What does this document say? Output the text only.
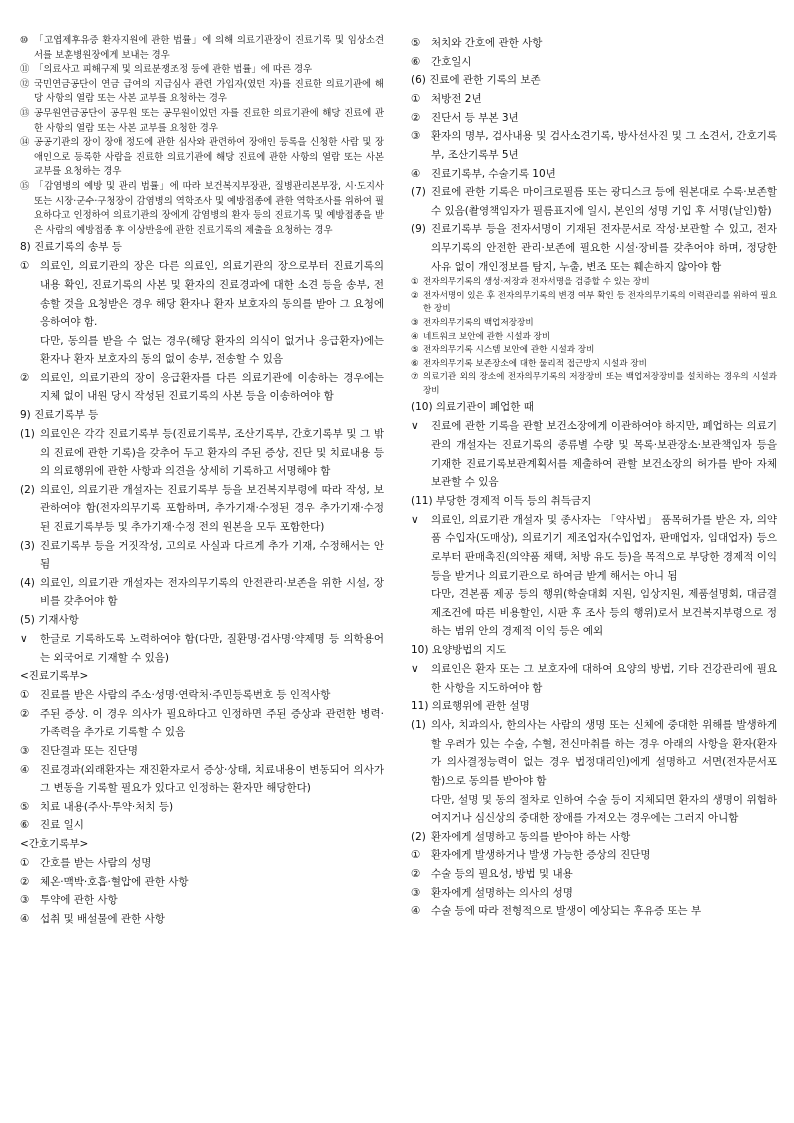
⑩ 「고엽제후유증 환자지원에 관한 법률」에 의해 의료기관장이 진료기록 및 임상소견서를 보훈병원장에게 보내는 경우
⑪ 「의료사고 피해구제 및 의료분쟁조정 등에 관한 법률」에 따른 경우
⑫ 국민연금공단이 연금 급여의 지급심사 관련 가입자(였던 자)를 진료한 의료기관에 해당 사항의 열람 또는 사본 교부를 요청하는 경우
⑬ 공무원연금공단이 공무원 또는 공무원이었던 자를 진료한 의료기관에 해당 진료에 관한 사항의 열람 또는 사본 교부를 요청한 경우
⑭ 공공기관의 장이 장애 정도에 관한 심사와 관련하여 장애인 등록을 신청한 사람 및 장애인으로 등록한 사람을 진료한 의료기관에 해당 진료에 관한 사항의 열람 또는 사본 교부를 요청하는 경우
⑮ 「감염병의 예방 및 관리 법률」에 따라 보건복지부장관, 질병관리본부장, 시·도지사 또는 시장·군수·구청장이 감염병의 역학조사 및 예방접종에 관한 역학조사를 위하여 필요하다고 인정하여 의료기관의 장에게 감염병의 환자 등의 진료기록 및 예방접종을 받은 사람의 예방접종 후 이상반응에 관한 진료기록의 제출을 요청하는 경우
8) 진료기록의 송부 등
①	의료인, 의료기관의 장은 다른 의료인, 의료기관의 장으로부터 진료기록의 내용 확인, 진료기록의 사본 및 환자의 진료경과에 대한 소견 등을 송부, 전송할 것을 요청받은 경우 해당 환자나 환자 보호자의 동의를 받아 그 요청에 응하여야 함.
다만, 동의를 받을 수 없는 경우(해당 환자의 의식이 없거나 응급환자)에는 환자나 환자 보호자의 동의 없이 송부, 전송할 수 있음
②	의료인, 의료기관의 장이 응급환자를 다른 의료기관에 이송하는 경우에는 지체 없이 내원 당시 작성된 진료기록의 사본 등을 이송하여야 함
9) 진료기록부 등
(1) 의료인은 각각 진료기록부 등(진료기록부, 조산기록부, 간호기록부 및 그 밖의 진료에 관한 기록)을 갖추어 두고 환자의 주된 증상, 진단 및 치료내용 등의 의료행위에 관한 사항과 의견을 상세히 기록하고 서명해야 함
(2) 의료인, 의료기관 개설자는 진료기록부 등을 보건복지부령에 따라 작성, 보관하여야 함(전자의무기록 포함하며, 추가기재·수정된 경우 추가기재·수정된 진료기록부등 및 추가기재·수정 전의 원본을 모두 포함한다)
(3) 진료기록부 등을 거짓작성, 고의로 사실과 다르게 추가 기재, 수정해서는 안 됨
(4) 의료인, 의료기관 개설자는 전자의무기록의 안전관리·보존을 위한 시설, 장비를 갖추어야 함
(5) 기재사항
∨	한글로 기록하도록 노력하여야 함(다만, 질환명·검사명·약제명 등 의학용어는 외국어로 기재할 수 있음)
<진료기록부>
①	진료를 받은 사람의 주소·성명·연락처·주민등록번호 등 인적사항
②	주된 증상. 이 경우 의사가 필요하다고 인정하면 주된 증상과 관련한 병력·가족력을 추가로 기록할 수 있음
③	진단결과 또는 진단명
④	진료경과(외래환자는 재진환자로서 증상·상태, 치료내용이 변동되어 의사가 그 변동을 기록할 필요가 있다고 인정하는 환자만 해당한다)
⑤	치료 내용(주사·투약·처치 등)
⑥	진료 일시
<간호기록부>
①	간호를 받는 사람의 성명
②	체온·맥박·호흡·혈압에 관한 사항
③	투약에 관한 사항
④	섭취 및 배설물에 관한 사항
⑤	처치와 간호에 관한 사항
⑥	간호일시
(6) 진료에 관한 기록의 보존
①	처방전 2년
②	진단서 등 부본 3년
③	환자의 명부, 검사내용 및 검사소견기록, 방사선사진 및 그 소견서, 간호기록부, 조산기록부 5년
④	진료기록부, 수술기록 10년
(7) 진료에 관한 기록은 마이크로필름 또는 광디스크 등에 원본대로 수록·보존할 수 있음(촬영책임자가 필름표지에 일시, 본인의 성명 기입 후 서명(날인)함)
(9) 진료기록부 등을 전자서명이 기재된 전자문서로 작성·보관할 수 있고, 전자의무기록의 안전한 관리·보존에 필요한 시설·장비를 갖추어야 하며, 정당한 사유 없이 개인정보를 탐지, 누출, 변조 또는 훼손하지 않아야 함
① 전자의무기록의 생성·저장과 전자서명을 검증할 수 있는 장비
② 전자서명이 있은 후 전자의무기록의 변경 여부 확인 등 전자의무기록의 이력관리를 위하여 필요한 장비
③ 전자의무기록의 백업저장장비
④ 네트워크 보안에 관한 시설과 장비
⑤ 전자의무기록 시스템 보안에 관한 시설과 장비
⑥ 전자의무기록 보존장소에 대한 물리적 접근방지 시설과 장비
⑦ 의료기관 외의 장소에 전자의무기록의 저장장비 또는 백업저장장비를 설치하는 경우의 시설과 장비
(10) 의료기관이 폐업한 때
∨	진료에 관한 기록을 관할 보건소장에게 이관하여야 하지만, 폐업하는 의료기관의 개설자는 진료기록의 종류별 수량 및 목록·보관장소·보관책임자 등을 기재한 진료기록보관계획서를 제출하여 관할 보건소장의 허가를 받아 자체 보관할 수 있음
(11) 부당한 경제적 이득 등의 취득금지
∨	의료인, 의료기관 개설자 및 종사자는 「약사법」 품목허가를 받은 자, 의약품 수입자(도매상), 의료기기 제조업자(수입업자, 판매업자, 임대업자) 등으로부터 판매촉진(의약품 채택, 처방 유도 등)을 목적으로 부당한 경제적 이익 등을 받거나 의료기관으로 하여금 받게 해서는 아니 됨
다만, 견본품 제공 등의 행위(학술대회 지원, 임상지원, 제품설명회, 대금결제조건에 따른 비용할인, 시판 후 조사 등의 행위)로서 보건복지부령으로 정하는 범위 안의 경제적 이익 등은 예외
10) 요양방법의 지도
∨	의료인은 환자 또는 그 보호자에 대하여 요양의 방법, 기타 건강관리에 필요한 사항을 지도하여야 함
11) 의료행위에 관한 설명
(1) 의사, 치과의사, 한의사는 사람의 생명 또는 신체에 중대한 위해를 발생하게 할 우려가 있는 수술, 수혈, 전신마취를 하는 경우 아래의 사항을 환자(환자가 의사결정능력이 없는 경우 법정대리인)에게 설명하고 서면(전자문서포함)으로 동의를 받아야 함
다만, 설명 및 동의 절차로 인하여 수술 등이 지체되면 환자의 생명이 위험하여지거나 심신상의 중대한 장애를 가져오는 경우에는 그러지 아니함
(2) 환자에게 설명하고 동의를 받아야 하는 사항
①	환자에게 발생하거나 발생 가능한 증상의 진단명
②	수술 등의 필요성, 방법 및 내용
③	환자에게 설명하는 의사의 성명
④	수술 등에 따라 전형적으로 발생이 예상되는 후유증 또는 부
